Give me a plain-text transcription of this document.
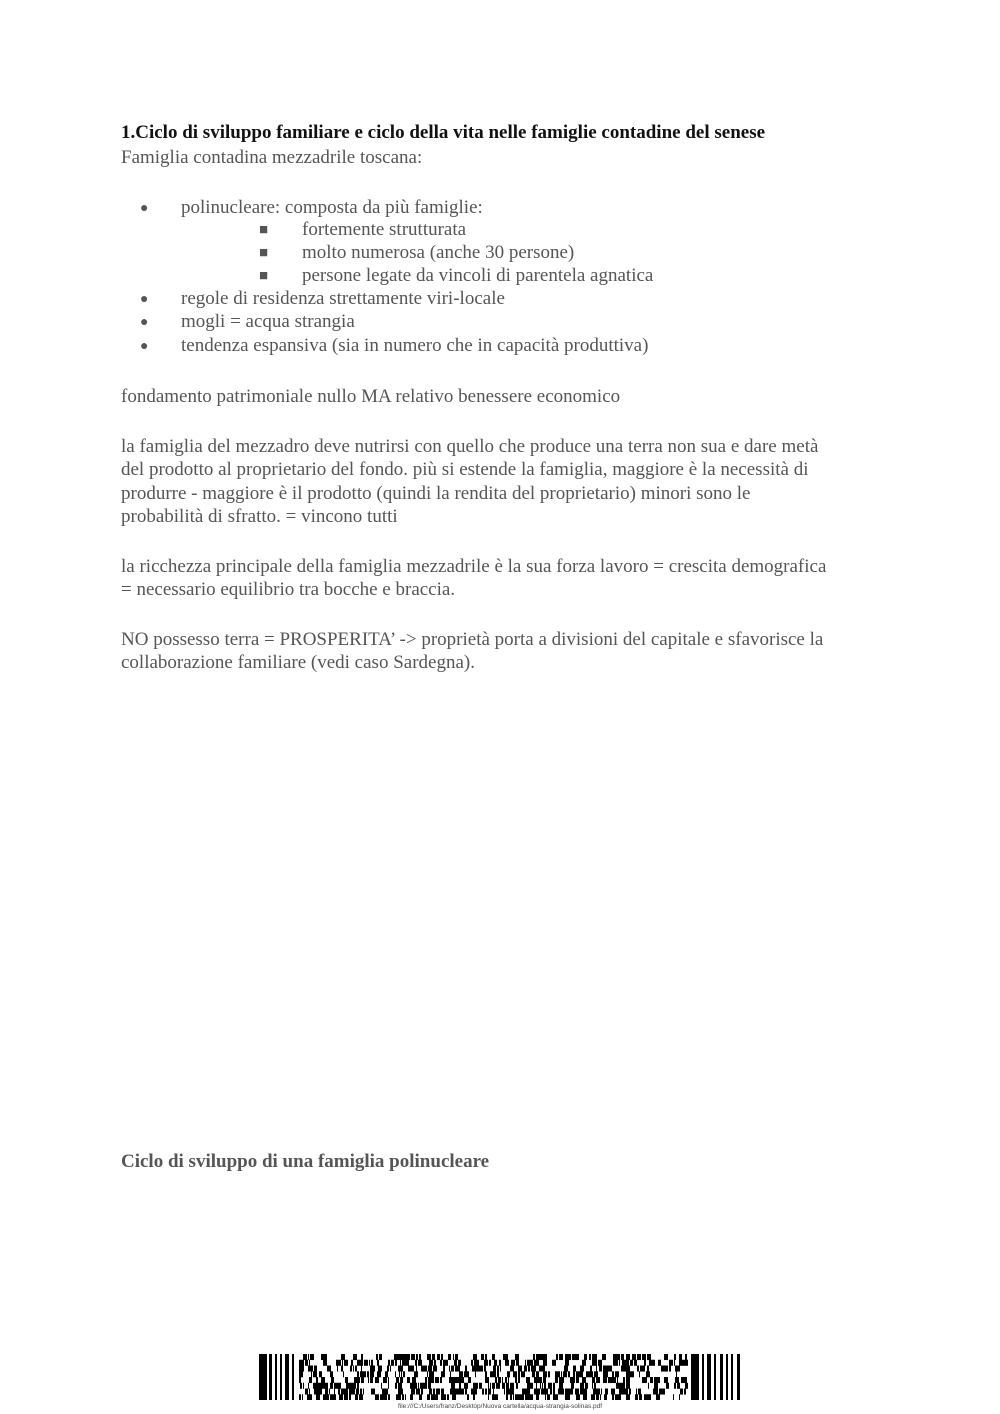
1.Ciclo di sviluppo familiare e ciclo della vita nelle famiglie contadine del senese
Famiglia contadina mezzadrile toscana:
● polinucleare: composta da più famiglie:
■ fortemente strutturata
■ molto numerosa (anche 30 persone)
■ persone legate da vincoli di parentela agnatica
● regole di residenza strettamente viri-locale
● mogli = acqua strangia
● tendenza espansiva (sia in numero che in capacità produttiva)
fondamento patrimoniale nullo MA relativo benessere economico
la famiglia del mezzadro deve nutrirsi con quello che produce una terra non sua e dare metà
del prodotto al proprietario del fondo. più si estende la famiglia, maggiore è la necessità di
produrre - maggiore è il prodotto (quindi la rendita del proprietario) minori sono le
probabilità di sfratto. = vincono tutti
la ricchezza principale della famiglia mezzadrile è la sua forza lavoro = crescita demografica
= necessario equilibrio tra bocche e braccia.
NO possesso terra = PROSPERITA’ -> proprietà porta a divisioni del capitale e sfavorisce la
collaborazione familiare (vedi caso Sardegna).
Ciclo di sviluppo di una famiglia polinucleare
file:///C:/Users/franz/Desktop/Nuova cartella/acqua-strangia-solinas.pdf
